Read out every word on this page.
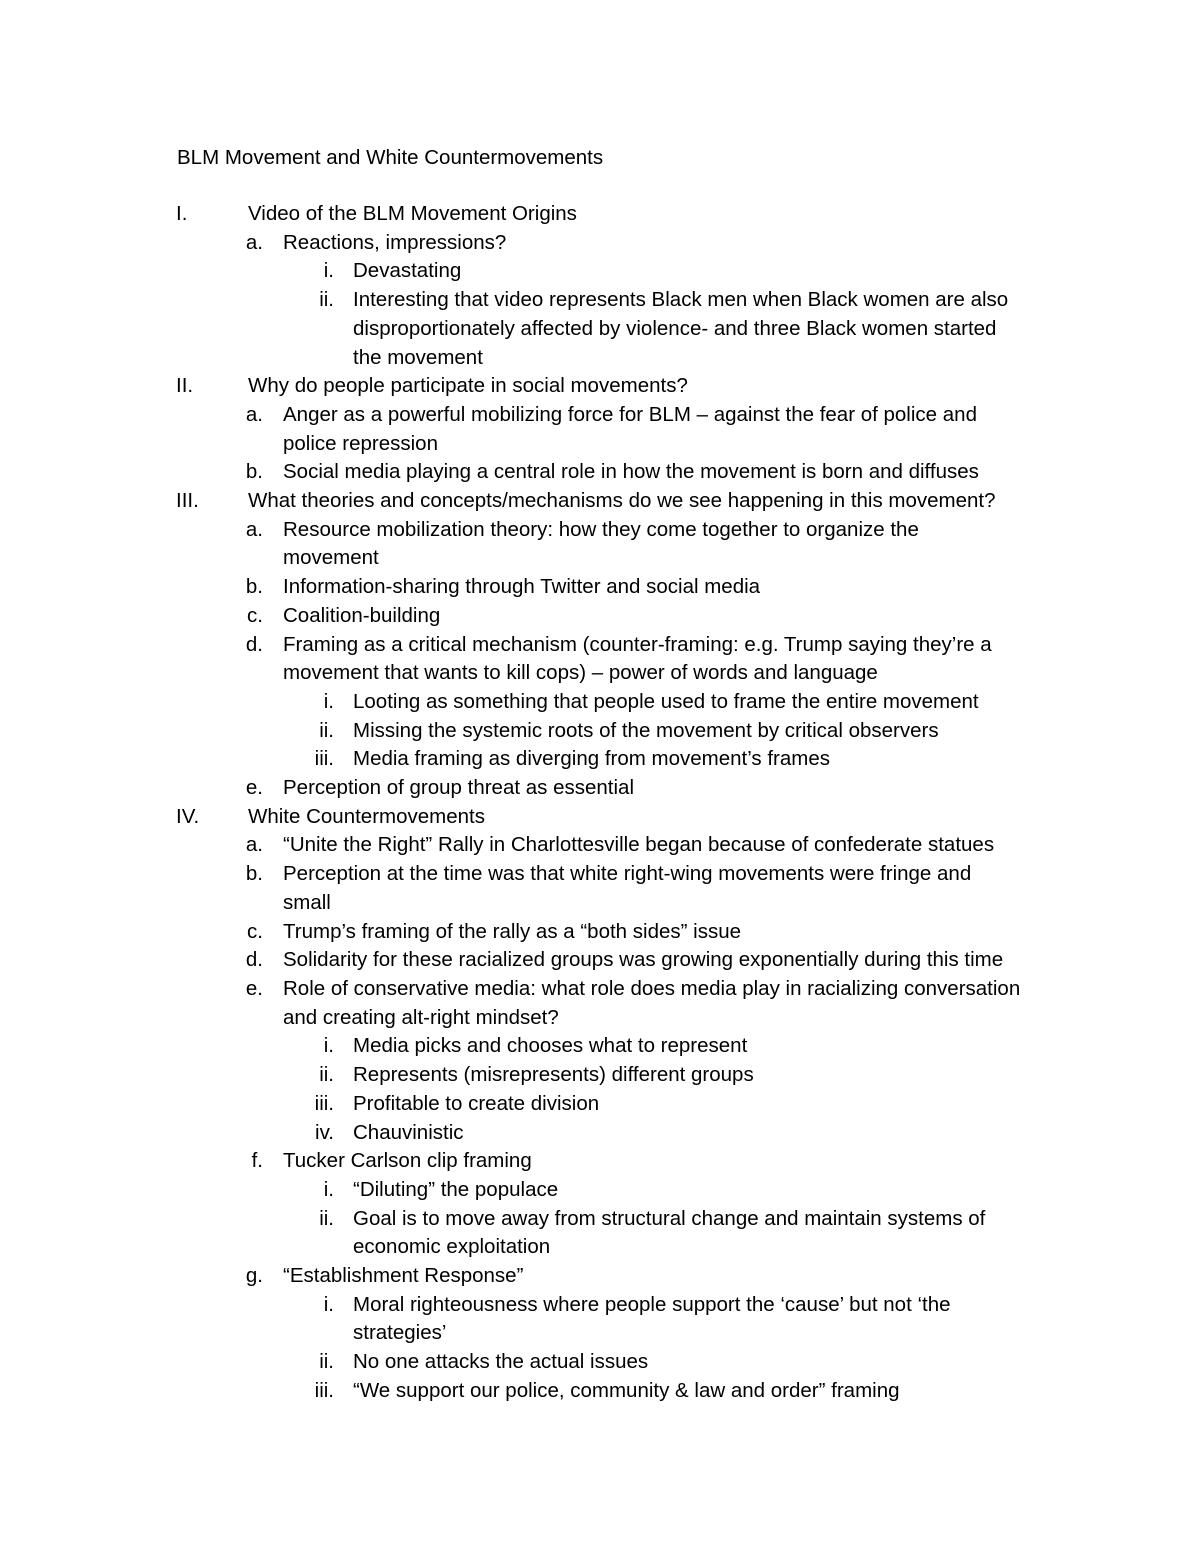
BLM Movement and White Countermovements
I.	Video of the BLM Movement Origins
a. Reactions, impressions?
i. Devastating
ii. Interesting that video represents Black men when Black women are also
disproportionately affected by violence- and three Black women started
the movement
II.	Why do people participate in social movements?
a. Anger as a powerful mobilizing force for BLM – against the fear of police and
police repression
b. Social media playing a central role in how the movement is born and diffuses
III. What theories and concepts/mechanisms do we see happening in this movement?
a. Resource mobilization theory: how they come together to organize the
movement
b. Information-sharing through Twitter and social media
c. Coalition-building
d. Framing as a critical mechanism (counter-framing: e.g. Trump saying they’re a
movement that wants to kill cops) – power of words and language
i. Looting as something that people used to frame the entire movement
ii. Missing the systemic roots of the movement by critical observers
iii. Media framing as diverging from movement’s frames
e. Perception of group threat as essential
IV. White Countermovements
a. “Unite the Right” Rally in Charlottesville began because of confederate statues
b. Perception at the time was that white right-wing movements were fringe and
small
c. Trump’s framing of the rally as a “both sides” issue
d. Solidarity for these racialized groups was growing exponentially during this time
e. Role of conservative media: what role does media play in racializing conversation
and creating alt-right mindset?
i. Media picks and chooses what to represent
ii. Represents (misrepresents) different groups
iii. Profitable to create division
iv. Chauvinistic
f. Tucker Carlson clip framing
i. “Diluting” the populace
ii. Goal is to move away from structural change and maintain systems of
economic exploitation
g. “Establishment Response”
i. Moral righteousness where people support the ‘cause’ but not ‘the
strategies’
ii. No one attacks the actual issues
iii. “We support our police, community & law and order” framing
